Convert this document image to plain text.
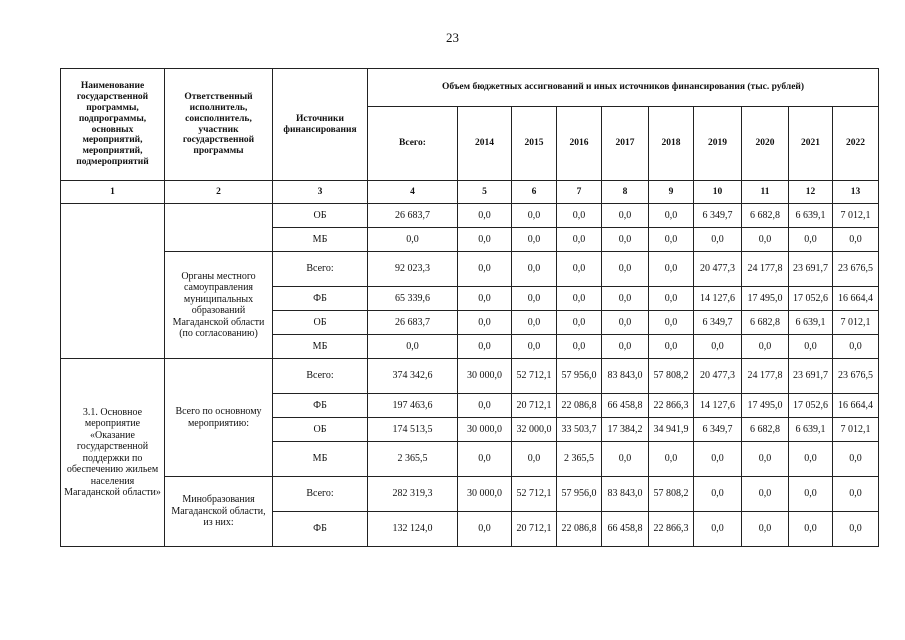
23
Наименование государственной программы, подпрограммы, основных мероприятий, мероприятий, подмероприятий	Ответственный исполнитель, соисполнитель, участник государственной программы	Источники финансирования	Объем бюджетных ассигнований и иных источников финансирования (тыс. рублей)									
			Всего:	2014	2015	2016	2017	2018	2019	2020	2021	2022
1	2	3	4	5	6	7	8	9	10	11	12	13
		ОБ	26 683,7	0,0	0,0	0,0	0,0	0,0	6 349,7	6 682,8	6 639,1	7 012,1
		МБ	0,0	0,0	0,0	0,0	0,0	0,0	0,0	0,0	0,0	0,0
	Органы местного самоуправления муниципальных образований Магаданской области (по согласованию)	Всего:	92 023,3	0,0	0,0	0,0	0,0	0,0	20 477,3	24 177,8	23 691,7	23 676,5
		ФБ	65 339,6	0,0	0,0	0,0	0,0	0,0	14 127,6	17 495,0	17 052,6	16 664,4
		ОБ	26 683,7	0,0	0,0	0,0	0,0	0,0	6 349,7	6 682,8	6 639,1	7 012,1
		МБ	0,0	0,0	0,0	0,0	0,0	0,0	0,0	0,0	0,0	0,0
3.1. Основное мероприятие «Оказание государственной поддержки по обеспечению жильем населения Магаданской области»	Всего по основному мероприятию:	Всего:	374 342,6	30 000,0	52 712,1	57 956,0	83 843,0	57 808,2	20 477,3	24 177,8	23 691,7	23 676,5
		ФБ	197 463,6	0,0	20 712,1	22 086,8	66 458,8	22 866,3	14 127,6	17 495,0	17 052,6	16 664,4
		ОБ	174 513,5	30 000,0	32 000,0	33 503,7	17 384,2	34 941,9	6 349,7	6 682,8	6 639,1	7 012,1
		МБ	2 365,5	0,0	0,0	2 365,5	0,0	0,0	0,0	0,0	0,0	0,0
	Минобразования Магаданской области, из них:	Всего:	282 319,3	30 000,0	52 712,1	57 956,0	83 843,0	57 808,2	0,0	0,0	0,0	0,0
		ФБ	132 124,0	0,0	20 712,1	22 086,8	66 458,8	22 866,3	0,0	0,0	0,0	0,0
